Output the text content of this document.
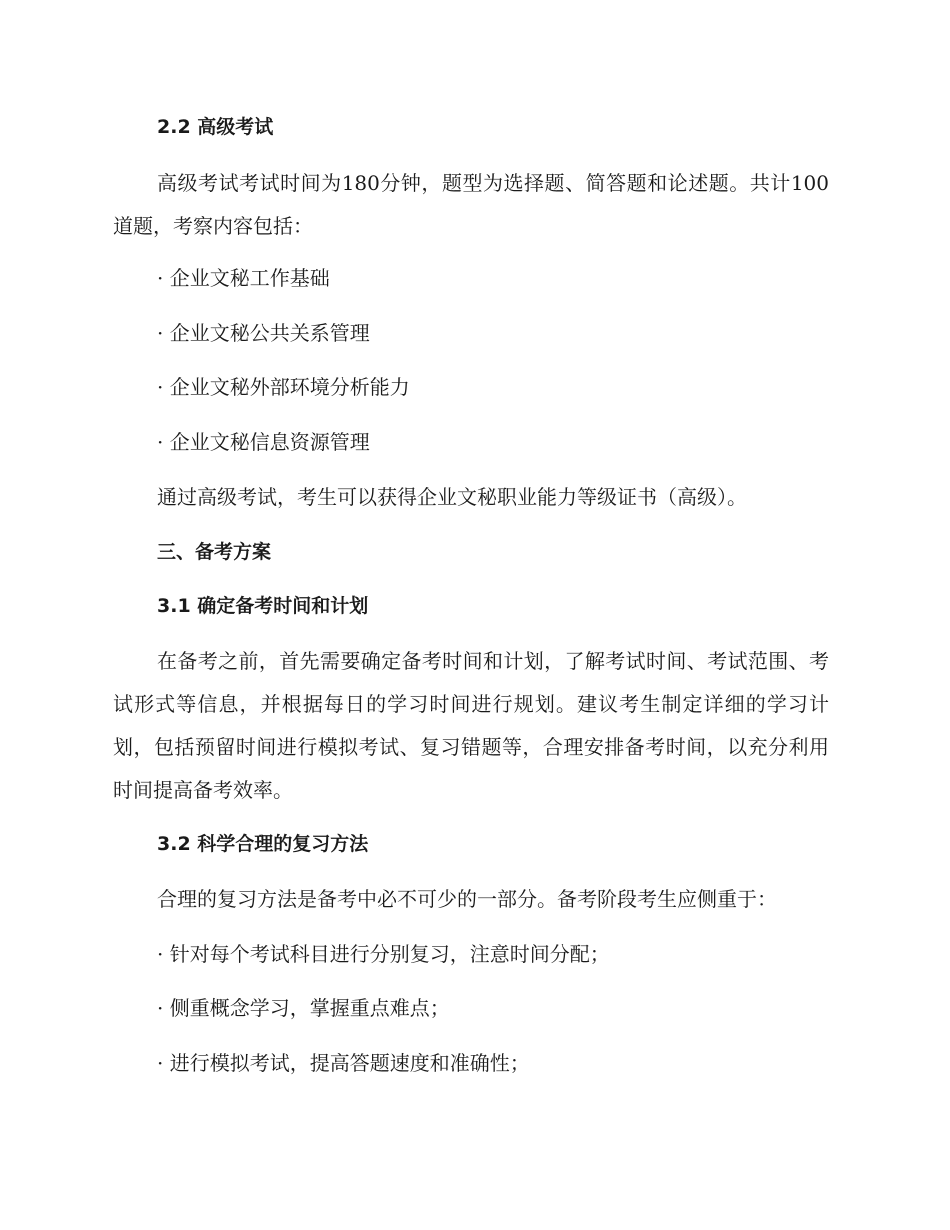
2.2 高级考试
高级考试考试时间为180分钟，题型为选择题、简答题和论述题。共计100道题，考察内容包括：
· 企业文秘工作基础
· 企业文秘公共关系管理
· 企业文秘外部环境分析能力
· 企业文秘信息资源管理
通过高级考试，考生可以获得企业文秘职业能力等级证书（高级）。
三、备考方案
3.1 确定备考时间和计划
在备考之前，首先需要确定备考时间和计划，了解考试时间、考试范围、考试形式等信息，并根据每日的学习时间进行规划。建议考生制定详细的学习计划，包括预留时间进行模拟考试、复习错题等，合理安排备考时间，以充分利用时间提高备考效率。
3.2 科学合理的复习方法
合理的复习方法是备考中必不可少的一部分。备考阶段考生应侧重于：
· 针对每个考试科目进行分别复习，注意时间分配；
· 侧重概念学习，掌握重点难点；
· 进行模拟考试，提高答题速度和准确性；
